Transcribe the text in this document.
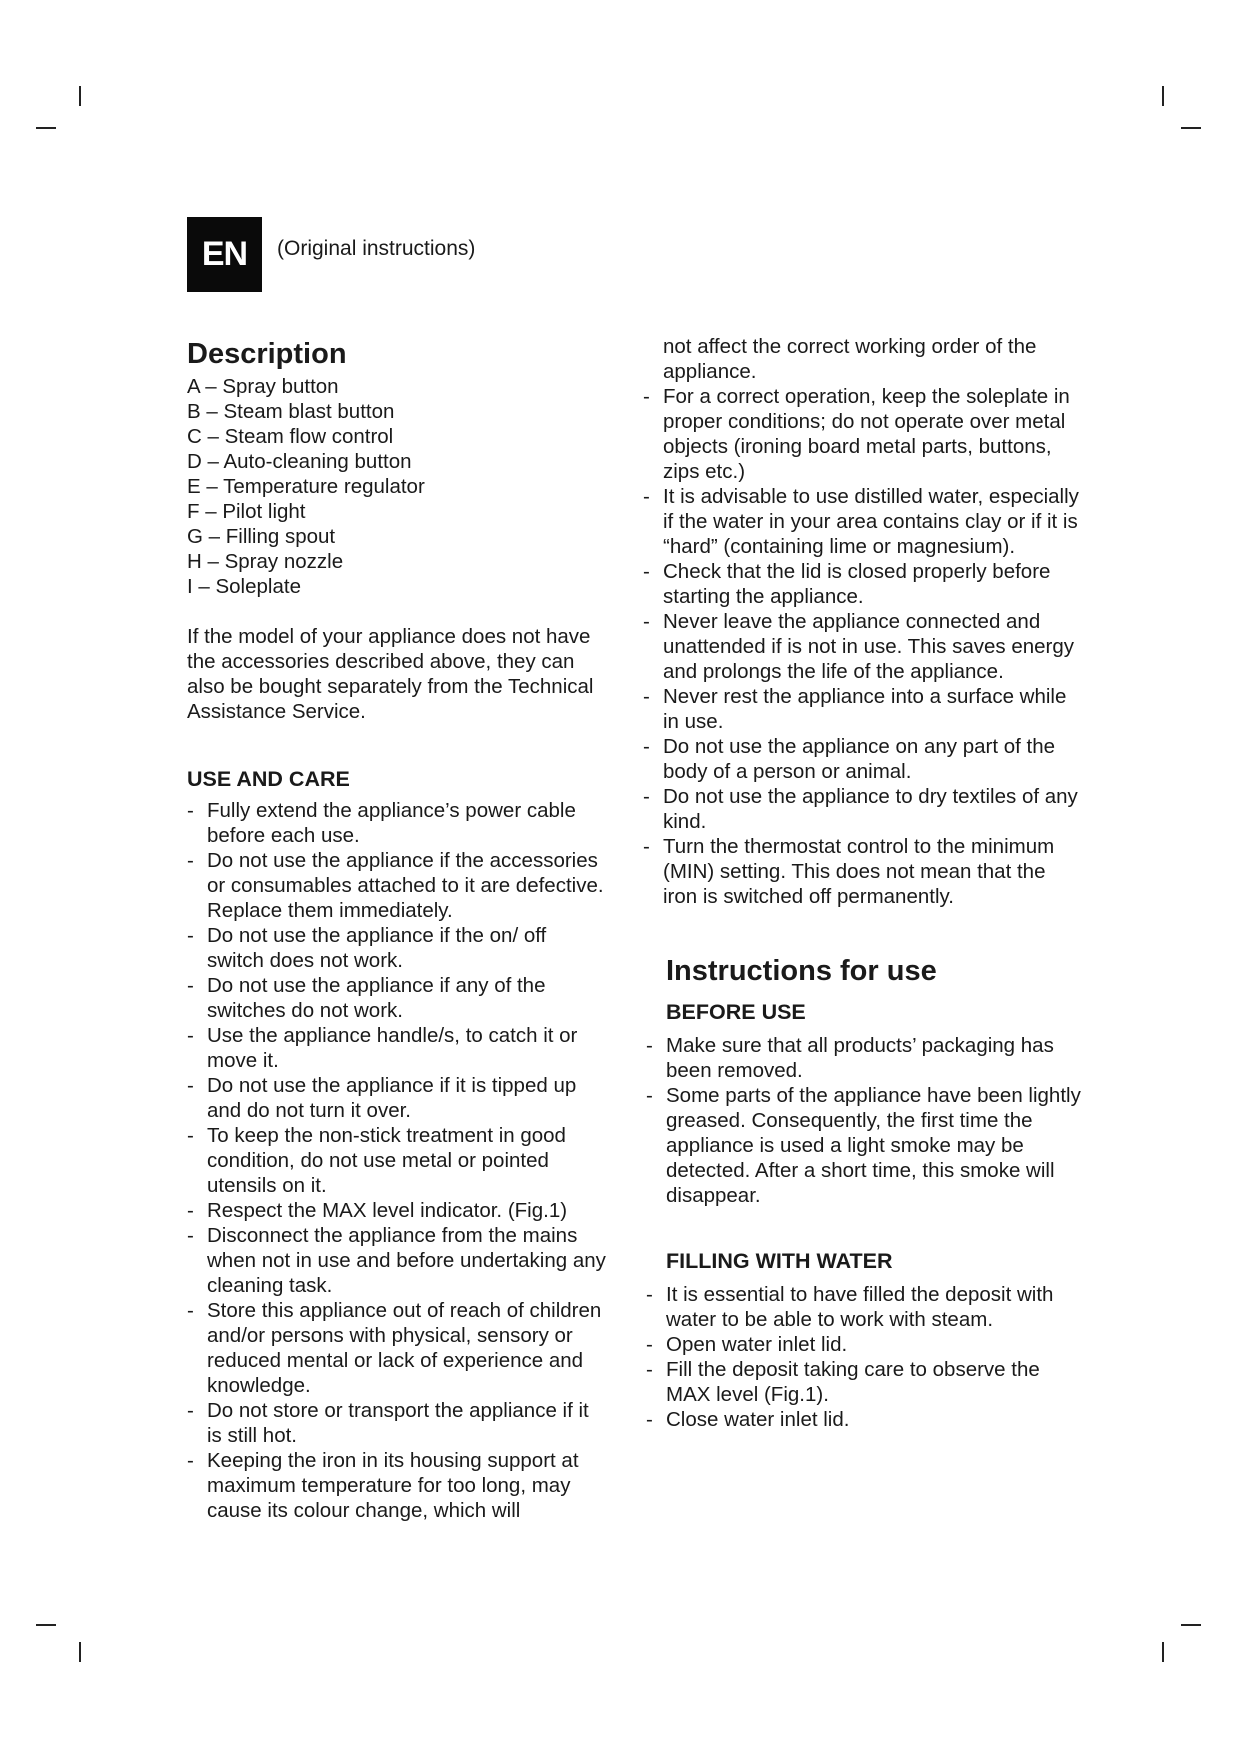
EN	(Original instructions)
Description
A – Spray button
B – Steam blast button
C – Steam flow control
D – Auto-cleaning button
E – Temperature regulator
F – Pilot light
G – Filling spout
H – Spray nozzle
I – Soleplate

If the model of your appliance does not have the accessories described above, they can also be bought separately from the Technical Assistance Service.

USE AND CARE
- Fully extend the appliance’s power cable before each use.
- Do not use the appliance if the accessories or consumables attached to it are defective. Replace them immediately.
- Do not use the appliance if the on/ off switch does not work.
- Do not use the appliance if any of the switches do not work.
- Use the appliance handle/s, to catch it or move it.
- Do not use the appliance if it is tipped up and do not turn it over.
- To keep the non-stick treatment in good condition, do not use metal or pointed utensils on it.
- Respect the MAX level indicator. (Fig.1)
- Disconnect the appliance from the mains when not in use and before undertaking any cleaning task.
- Store this appliance out of reach of children and/or persons with physical, sensory or reduced mental or lack of experience and knowledge.
- Do not store or transport the appliance if it is still hot.
- Keeping the iron in its housing support at maximum temperature for too long, may cause its colour change, which will

not affect the correct working order of the appliance.

- For a correct operation, keep the soleplate in proper conditions; do not operate over metal objects (ironing board metal parts, buttons, zips etc.)
- It is advisable to use distilled water, especially if the water in your area contains clay or if it is “hard” (containing lime or magnesium).
- Check that the lid is closed properly before starting the appliance.
- Never leave the appliance connected and unattended if is not in use. This saves energy and prolongs the life of the appliance.
- Never rest the appliance into a surface while in use.
- Do not use the appliance on any part of the body of a person or animal.
- Do not use the appliance to dry textiles of any kind.
- Turn the thermostat control to the minimum (MIN) setting. This does not mean that the iron is switched off permanently.
Instructions for use
BEFORE USE
- Make sure that all products’ packaging has been removed.
- Some parts of the appliance have been lightly greased. Consequently, the first time the appliance is used a light smoke may be detected. After a short time, this smoke will disappear.
FILLING WITH WATER
- It is essential to have filled the deposit with water to be able to work with steam.
- Open water inlet lid.
- Fill the deposit taking care to observe the MAX level (Fig.1).
- Close water inlet lid.
